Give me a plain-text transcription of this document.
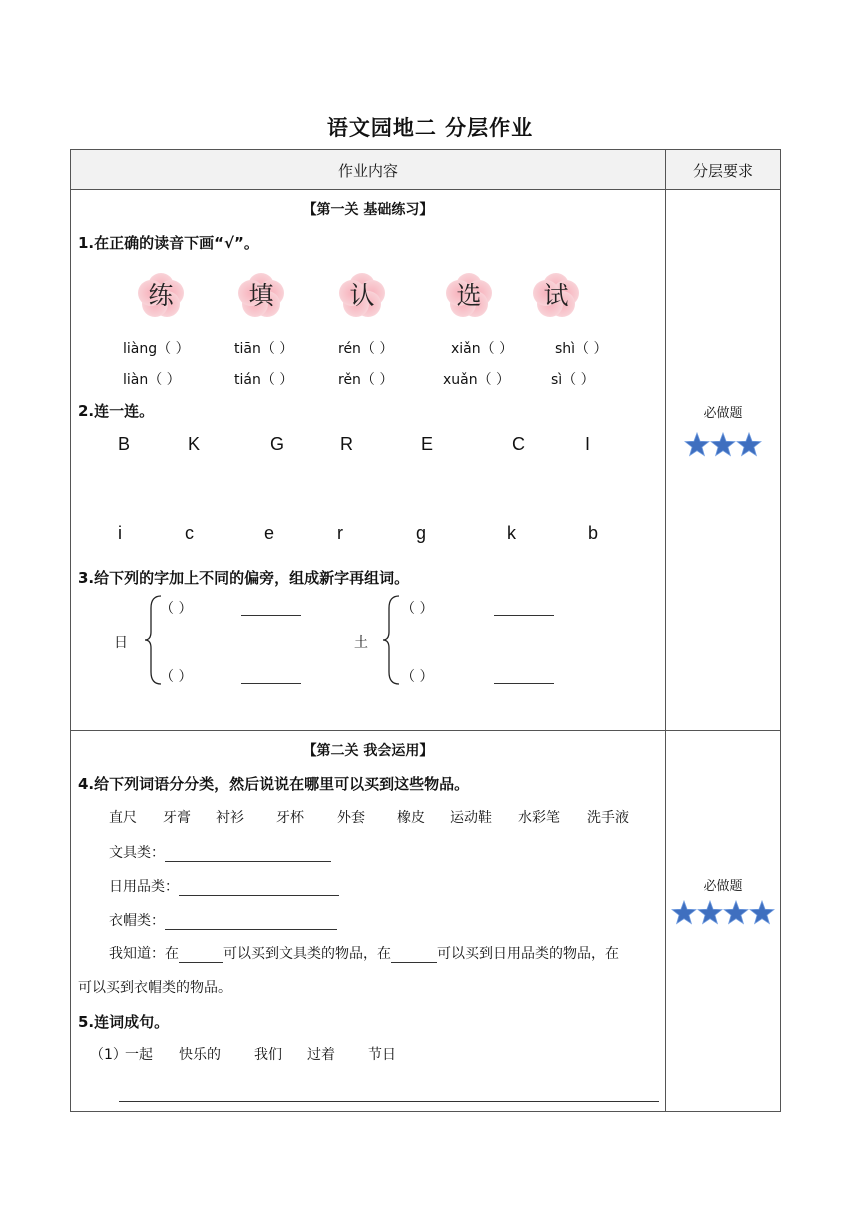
语文园地二 分层作业
作业内容	分层要求
【第一关 基础练习】
1.在正确的读音下画“√”。
练	填	认	选	试
liàng（ ）	tiān（ ）	rén（ ）	xiǎn（ ）	shì（ ）
liàn（ ）	tián（ ）	rěn（ ）	xuǎn（ ）	sì（ ）
2.连一连。
B	K	G	R	E	C	I
i	c	e	r	g	k	b
3.给下列的字加上不同的偏旁，组成新字再组词。
日
（ ）
（ ）
土
（ ）
（ ）
必做题
【第二关 我会运用】
4.给下列词语分分类，然后说说在哪里可以买到这些物品。
直尺 牙膏 衬衫 牙杯 外套 橡皮 运动鞋 水彩笔 洗手液
文具类：
日用品类：
衣帽类：
我知道：在	可以买到文具类的物品，在	可以买到日用品类的物品，在
可以买到衣帽类的物品。
5.连词成句。
（1）
一起 快乐的 我们 过着 节日
必做题
